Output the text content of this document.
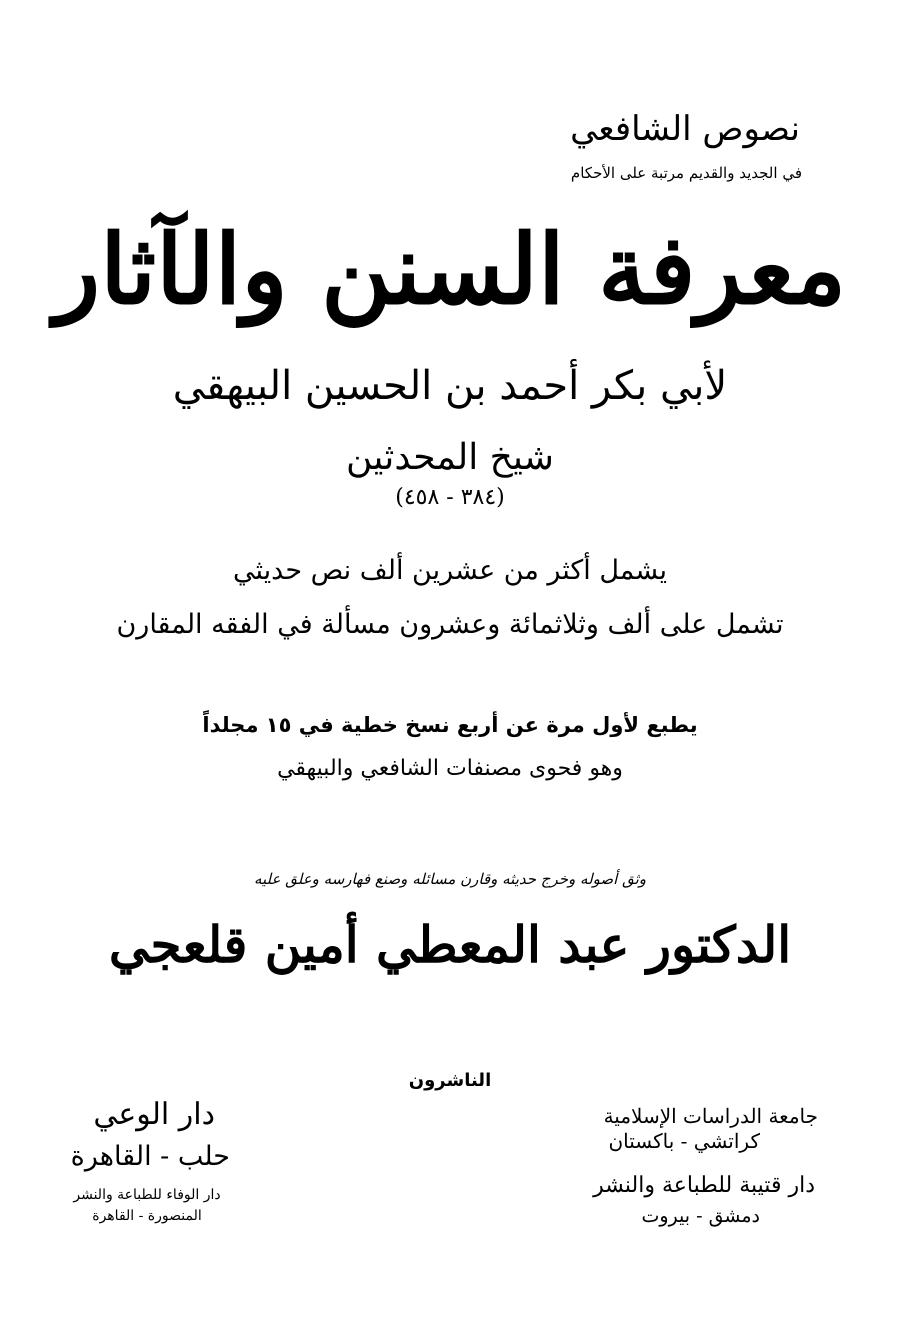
نصوص الشافعي
في الجديد والقديم مرتبة على الأحكام
معرفة السنن والآثار
لأبي بكر أحمد بن الحسين البيهقي
شيخ المحدثين
(٣٨٤ - ٤٥٨)
يشمل أكثر من عشرين ألف نص حديثي
تشمل على ألف وثلاثمائة وعشرون مسألة في الفقه المقارن
يطبع لأول مرة عن أربع نسخ خطية في ١٥ مجلداً
وهو فحوى مصنفات الشافعي والبيهقي
وثق أصوله وخرج حديثه وقارن مسائله وصنع فهارسه وعلق عليه
الدكتور عبد المعطي أمين قلعجي
الناشرون
جامعة الدراسات الإسلامية
كراتشي - باكستان
دار قتيبة للطباعة والنشر
دمشق - بيروت
دار الوعي
حلب - القاهرة
دار الوفاء للطباعة والنشر
المنصورة - القاهرة
